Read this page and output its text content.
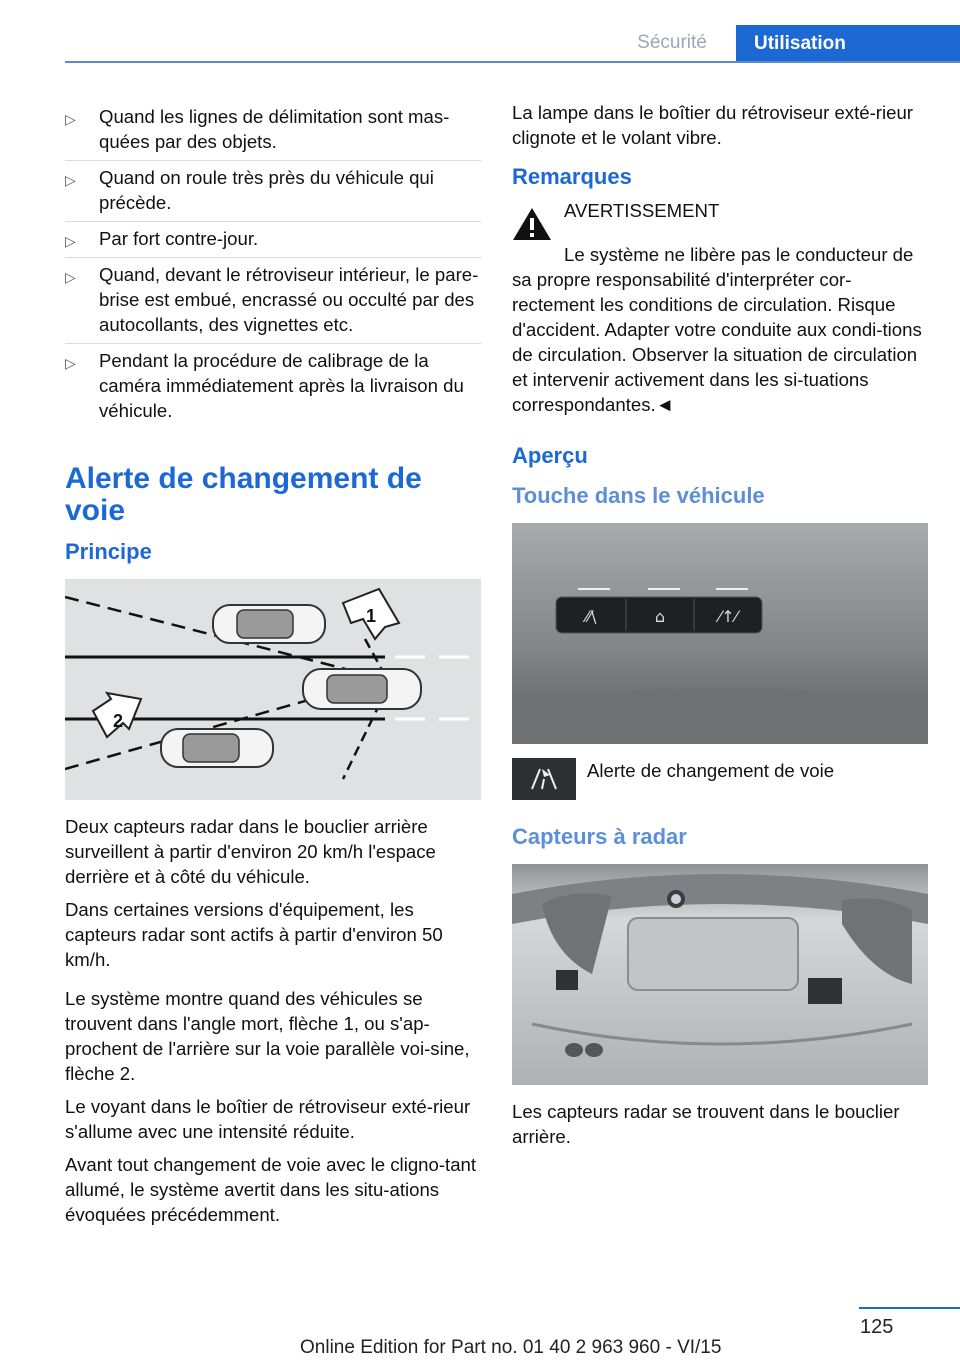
Sécurité	Utilisation
▷ Quand les lignes de délimitation sont mas-quées par des objets.
▷ Quand on roule très près du véhicule qui précède.
▷ Par fort contre-jour.
▷ Quand, devant le rétroviseur intérieur, le pare-brise est embué, encrassé ou occulté par des autocollants, des vignettes etc.
▷ Pendant la procédure de calibrage de la caméra immédiatement après la livraison du véhicule.
Alerte de changement de voie
Principe
1
2

Deux capteurs radar dans le bouclier arrière surveillent à partir d'environ 20 km/h l'espace derrière et à côté du véhicule.

Dans certaines versions d'équipement, les capteurs radar sont actifs à partir d'environ 50 km/h.

Le système montre quand des véhicules se trouvent dans l'angle mort, flèche 1, ou s'ap-prochent de l'arrière sur la voie parallèle voi-sine, flèche 2.

Le voyant dans le boîtier de rétroviseur exté-rieur s'allume avec une intensité réduite.

Avant tout changement de voie avec le cligno-tant allumé, le système avertit dans les situ-ations évoquées précédemment.

La lampe dans le boîtier du rétroviseur exté-rieur clignote et le volant vibre.

Remarques
AVERTISSEMENT
Le système ne libère pas le conducteur de sa propre responsabilité d'interpréter cor-rectement les conditions de circulation. Risque d'accident. Adapter votre conduite aux condi-tions de circulation. Observer la situation de circulation et intervenir activement dans les si-tuations correspondantes.◄
Aperçu
Touche dans le véhicule
⁄⁄\	⌂	⁄↑⁄
Alerte de changement de voie
Capteurs à radar

Les capteurs radar se trouvent dans le bouclier arrière.

125
Online Edition for Part no. 01 40 2 963 960 - VI/15
